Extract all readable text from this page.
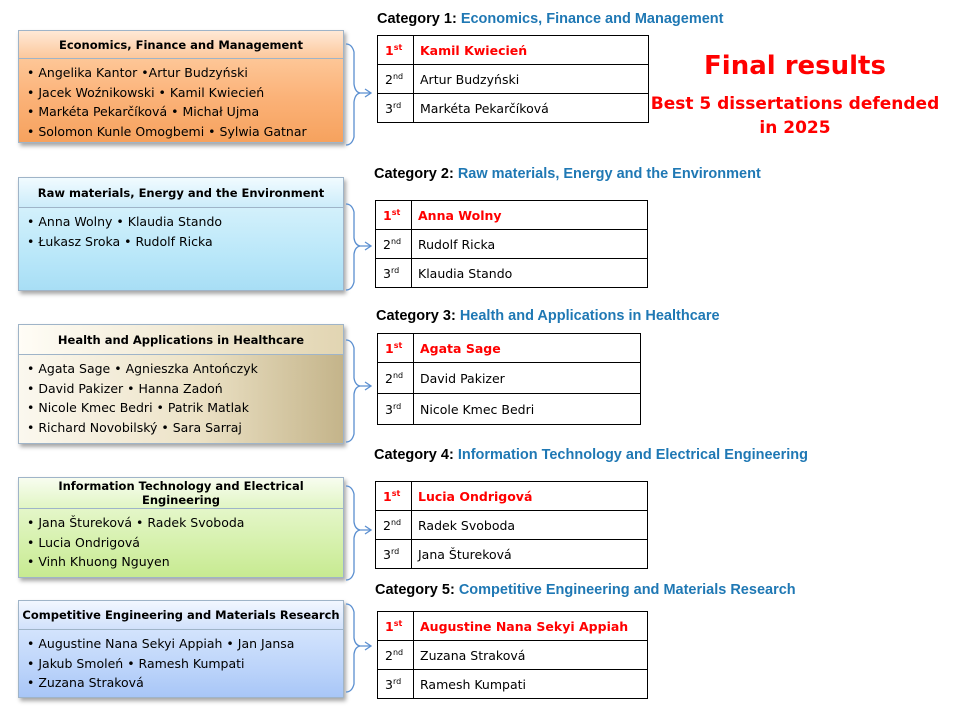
Final results
Best 5 dissertations defended in 2025
Economics, Finance and Management
• Angelika Kantor •Artur Budzyński
• Jacek Woźnikowski • Kamil Kwiecień
• Markéta Pekarčíková • Michał Ujma
• Solomon Kunle Omogbemi • Sylwia Gatnar
Category 1: Economics, Finance and Management
1st	Kamil Kwiecień
2nd	Artur Budzyński
3rd	Markéta Pekarčíková
Raw materials, Energy and the Environment
• Anna Wolny • Klaudia Stando
• Łukasz Sroka • Rudolf Ricka
Category 2: Raw materials, Energy and the Environment
1st	Anna Wolny
2nd	Rudolf Ricka
3rd	Klaudia Stando
Health and Applications in Healthcare
• Agata Sage • Agnieszka Antończyk
• David Pakizer • Hanna Zadoń
• Nicole Kmec Bedri • Patrik Matlak
• Richard Novobilský • Sara Sarraj
Category 3: Health and Applications in Healthcare
1st	Agata Sage
2nd	David Pakizer
3rd	Nicole Kmec Bedri
Information Technology and Electrical Engineering
• Jana Štureková • Radek Svoboda
• Lucia Ondrigová
• Vinh Khuong Nguyen
Category 4: Information Technology and Electrical Engineering
1st	Lucia Ondrigová
2nd	Radek Svoboda
3rd	Jana Štureková
Competitive Engineering and Materials Research
• Augustine Nana Sekyi Appiah • Jan Jansa
• Jakub Smoleń • Ramesh Kumpati
• Zuzana Straková
Category 5: Competitive Engineering and Materials Research
1st	Augustine Nana Sekyi Appiah
2nd	Zuzana Straková
3rd	Ramesh Kumpati
